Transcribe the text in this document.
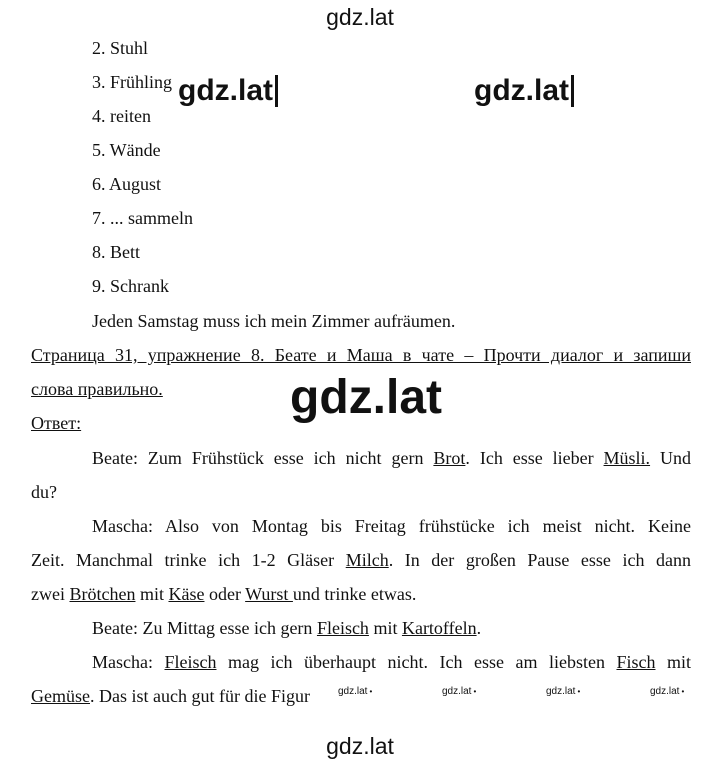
2. Stuhl
3. Frühling
4. reiten
5. Wände
6. August
7. ... sammeln
8. Bett
9. Schrank
Jeden Samstag muss ich mein Zimmer aufräumen.
Страница 31, упражнение 8. Беате и Маша в чате – Прочти диалог и запиши
слова правильно.
Ответ:
Beate: Zum Frühstück esse ich nicht gern Brot. Ich esse lieber Müsli. Und
du?
Mascha: Also von Montag bis Freitag frühstücke ich meist nicht. Keine
Zeit. Manchmal trinke ich 1-2 Gläser Milch. In der großen Pause esse ich dann
zwei Brötchen mit Käse oder Wurst und trinke etwas.
Beate: Zu Mittag esse ich gern Fleisch mit Kartoffeln.
Mascha: Fleisch mag ich überhaupt nicht. Ich esse am liebsten Fisch mit
Gemüse. Das ist auch gut für die Figur
gdz.lat
gdz.lat	gdz.lat
gdz.lat
gdz.lat •	gdz.lat •	gdz.lat •	gdz.lat •
gdz.lat
